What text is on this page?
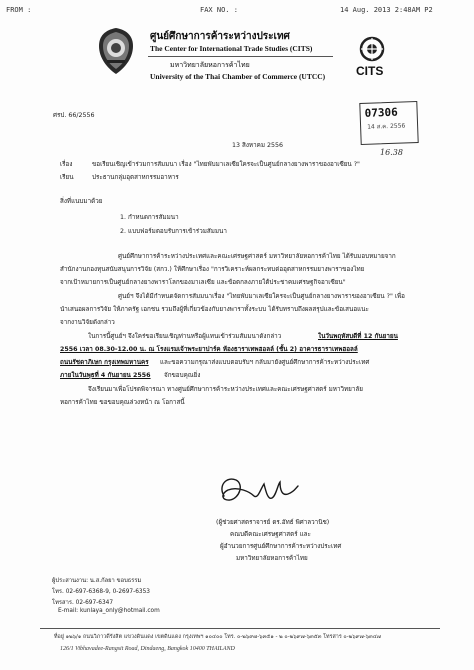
FROM :	FAX NO. :	14 Aug. 2013 2:48AM P2
ศูนย์ศึกษาการค้าระหว่างประเทศ
The Center for International Trade Studies (CITS)
มหาวิทยาลัยหอการค้าไทย
University of the Thai Chamber of Commerce (UTCC)	CITS
07306
14 ส.ค. 2556
16.38
ศรป. 66/2556
13 สิงหาคม 2556
เรื่อง	ขอเรียนเชิญเข้าร่วมการสัมมนา เรื่อง "ไทยพับมาเลเซียใครจะเป็นศูนย์กลางยางพาราของอาเซียน ?"
เรียน	ประธานกลุ่มอุตสาหกรรมอาหาร
สิ่งที่แนบมาด้วย
1. กำหนดการสัมมนา
2. แบบฟอร์มตอบรับการเข้าร่วมสัมมนา
ศูนย์ศึกษาการค้าระหว่างประเทศและคณะเศรษฐศาสตร์ มหาวิทยาลัยหอการค้าไทย ได้รับมอบหมายจาก
สำนักงานกองทุนสนับสนุนการวิจัย (สกว.) ให้ศึกษาเรื่อง "การวิเคราะห์ผลกระทบต่ออุตสาหกรรมยางพาราของไทย
จากเป้าหมายการเป็นศูนย์กลางยางพาราโลกของมาเลเซีย และข้อตกลงภายใต้ประชาคมเศรษฐกิจอาเซียน"
ศูนย์ฯ จึงได้มีกำหนดจัดการสัมมนาเรื่อง "ไทยพับมาเลเซียใครจะเป็นศูนย์กลางยางพาราของอาเซียน ?" เพื่อ
นำเสนอผลการวิจัย ให้ภาครัฐ เอกชน รวมถึงผู้ที่เกี่ยวข้องกับยางพาราทั้งระบบ ได้รับทราบถึงผลสรุปและข้อเสนอแนะ
จากงานวิจัยดังกล่าว
ในการนี้ศูนย์ฯ จึงใคร่ขอเรียนเชิญท่านหรือผู้แทนเข้าร่วมสัมมนาดังกล่าว	ในวันพฤหัสบดีที่ 12 กันยายน
2556 เวลา 08.30-12.00 น. ณ โรงแรมเจ้าพระยาปาร์ค ห้องธาราเทพฮอลล์ (ชั้น 2) อาคารธาราเทพฮอลล์
ถนนรัชดาภิเษก กรุงเทพมหานคร และขอความกรุณาส่งแบบตอบรับฯ กลับมายังศูนย์ศึกษาการค้าระหว่างประเทศ
ภายในวันพุธที่ 4 กันยายน 2556 จักขอบคุณยิ่ง
จึงเรียนมาเพื่อโปรดพิจารณา ทางศูนย์ศึกษาการค้าระหว่างประเทศและคณะเศรษฐศาสตร์ มหาวิทยาลัย
หอการค้าไทย ขอขอบคุณล่วงหน้า ณ โอกาสนี้
(ผู้ช่วยศาสตราจารย์ ดร.อัทธ์ พิศาลวานิช)
คณบดีคณะเศรษฐศาสตร์ และ
ผู้อำนวยการศูนย์ศึกษาการค้าระหว่างประเทศ
มหาวิทยาลัยหอการค้าไทย
ผู้ประสานงาน: น.ส.กัลยา ขอบธรรม
โทร. 02-697-6368-9, 0-2697-6353
โทรสาร. 02-697-6347
E-mail: kunlaya_only@hotmail.com
ที่อยู่ ๑๒๖/๑ ถนนวิภาวดีรังสิต แขวงดินแดง เขตดินแดง กรุงเทพฯ ๑๐๔๐๐ โทร. ๐-๒๖๙๗-๖๓๕๑ - ๒ ๐-๒๖๙๗-๖๓๕๓ โทรสาร ๐-๒๖๙๗-๖๓๔๗
126/1 Vibhavadee-Rangsit Road, Dindaeng, Bangkok 10400 THAILAND
